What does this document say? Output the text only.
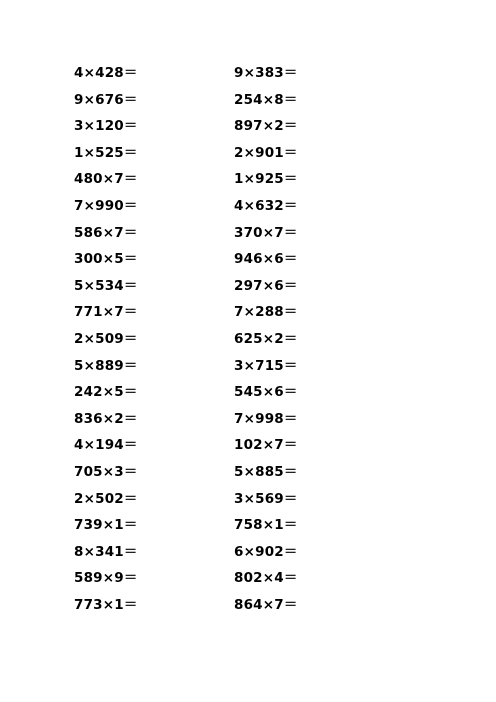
4×428＝
9×676＝
3×120＝
1×525＝
480×7＝
7×990＝
586×7＝
300×5＝
5×534＝
771×7＝
2×509＝
5×889＝
242×5＝
836×2＝
4×194＝
705×3＝
2×502＝
739×1＝
8×341＝
589×9＝
773×1＝
9×383＝
254×8＝
897×2＝
2×901＝
1×925＝
4×632＝
370×7＝
946×6＝
297×6＝
7×288＝
625×2＝
3×715＝
545×6＝
7×998＝
102×7＝
5×885＝
3×569＝
758×1＝
6×902＝
802×4＝
864×7＝
